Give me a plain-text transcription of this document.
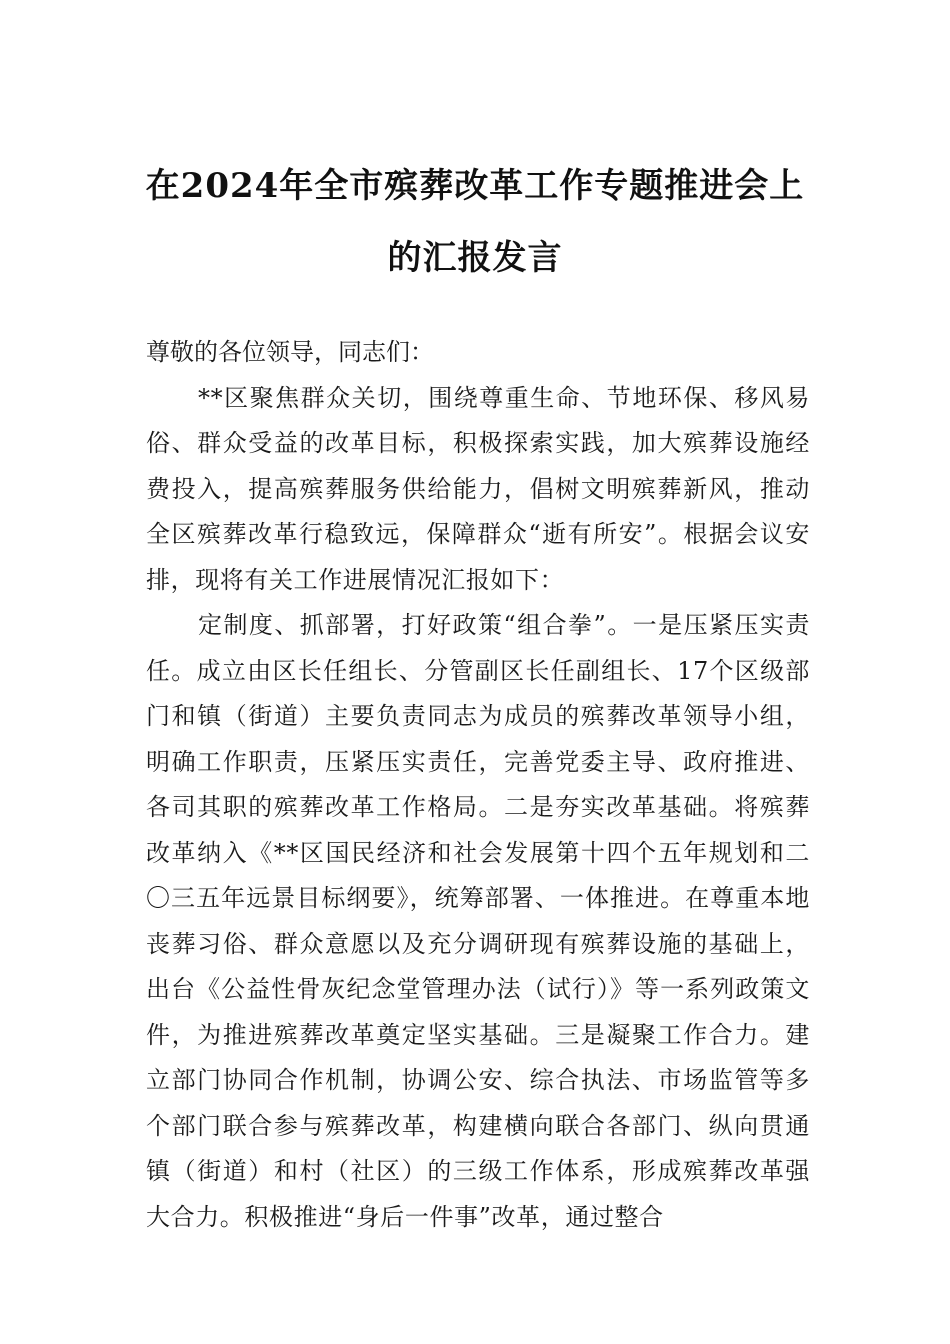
在2024年全市殡葬改革工作专题推进会上
的汇报发言

尊敬的各位领导，同志们：

**区聚焦群众关切，围绕尊重生命、节地环保、移风易俗、群众受益的改革目标，积极探索实践，加大殡葬设施经费投入，提高殡葬服务供给能力，倡树文明殡葬新风，推动全区殡葬改革行稳致远，保障群众“逝有所安”。根据会议安排，现将有关工作进展情况汇报如下：

定制度、抓部署，打好政策“组合拳”。一是压紧压实责任。成立由区长任组长、分管副区长任副组长、17个区级部门和镇（街道）主要负责同志为成员的殡葬改革领导小组，明确工作职责，压紧压实责任，完善党委主导、政府推进、各司其职的殡葬改革工作格局。二是夯实改革基础。将殡葬改革纳入《**区国民经济和社会发展第十四个五年规划和二〇三五年远景目标纲要》，统筹部署、一体推进。在尊重本地丧葬习俗、群众意愿以及充分调研现有殡葬设施的基础上，出台《公益性骨灰纪念堂管理办法（试行）》等一系列政策文件，为推进殡葬改革奠定坚实基础。三是凝聚工作合力。建立部门协同合作机制，协调公安、综合执法、市场监管等多个部门联合参与殡葬改革，构建横向联合各部门、纵向贯通镇（街道）和村（社区）的三级工作体系，形成殡葬改革强大合力。积极推进“身后一件事”改革，通过整合
